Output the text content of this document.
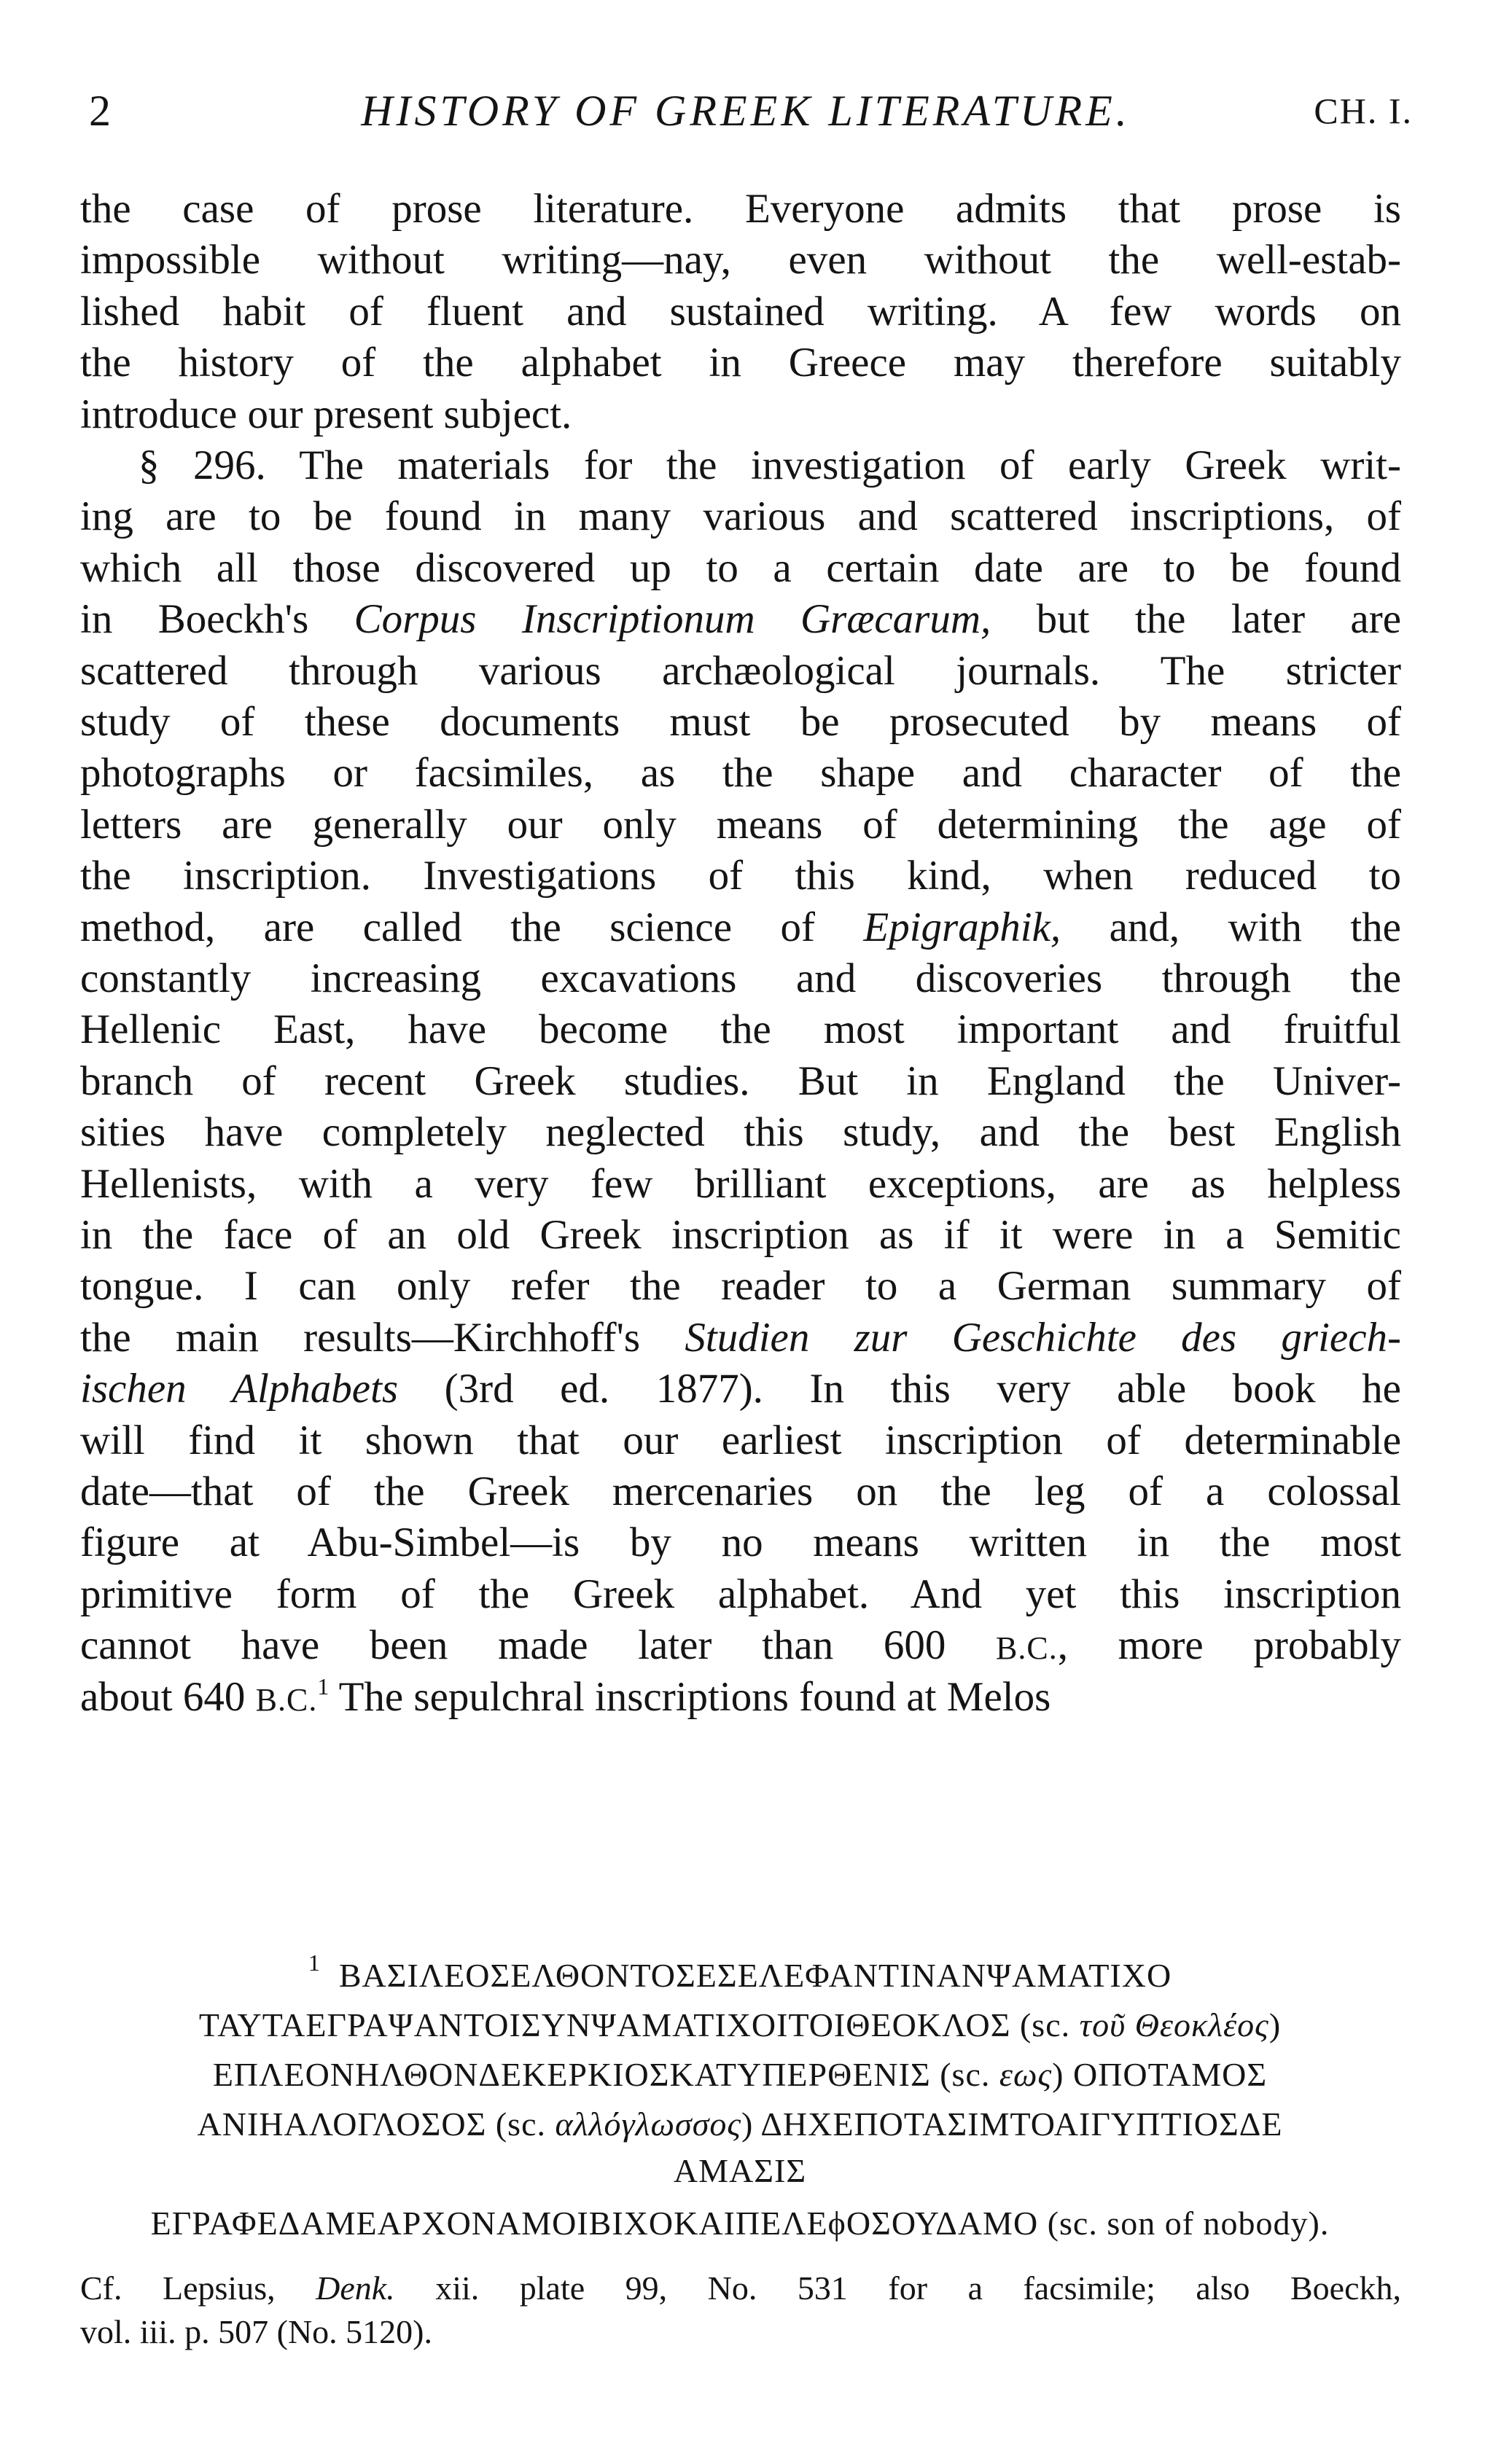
2	HISTORY OF GREEK LITERATURE.	CH. I.
the case of prose literature. Everyone admits that prose is
impossible without writing—nay, even without the well-estab-
lished habit of fluent and sustained writing. A few words on
the history of the alphabet in Greece may therefore suitably
introduce our present subject.
§ 296. The materials for the investigation of early Greek writ-
ing are to be found in many various and scattered inscriptions, of
which all those discovered up to a certain date are to be found
in Boeckh's Corpus Inscriptionum Græcarum, but the later are
scattered through various archæological journals. The stricter
study of these documents must be prosecuted by means of
photographs or facsimiles, as the shape and character of the
letters are generally our only means of determining the age of
the inscription. Investigations of this kind, when reduced to
method, are called the science of Epigraphik, and, with the
constantly increasing excavations and discoveries through the
Hellenic East, have become the most important and fruitful
branch of recent Greek studies. But in England the Univer-
sities have completely neglected this study, and the best English
Hellenists, with a very few brilliant exceptions, are as helpless
in the face of an old Greek inscription as if it were in a Semitic
tongue. I can only refer the reader to a German summary of
the main results—Kirchhoff's Studien zur Geschichte des griech-
ischen Alphabets (3rd ed. 1877). In this very able book he
will find it shown that our earliest inscription of determinable
date—that of the Greek mercenaries on the leg of a colossal
figure at Abu-Simbel—is by no means written in the most
primitive form of the Greek alphabet. And yet this inscription
cannot have been made later than 600 B.C., more probably
about 640 B.C.$^1$ The sepulchral inscriptions found at Melos
$^1$ ΒΑΣΙΛΕΟΣΕΛΘΟΝΤΟΣΕΣΕΛΕΦΑΝΤΙΝΑΝΨΑΜΑΤΙΧΟ
ΤΑΥΤΑΕΓΡΑΨΑΝΤΟΙΣΥΝΨΑΜΑΤΙΧΟΙΤΟΙΘΕΟΚΛΟΣ (sc. τοῦ Θεοκλέος)
ΕΠΛΕΟΝΗΛΘΟΝΔΕΚΕΡΚΙΟΣΚΑΤΥΠΕΡΘΕΝΙΣ (sc. εως) ΟΠΟΤΑΜΟΣ
ΑΝΙΗΑΛΟΓΛΟΣΟΣ (sc. αλλόγλωσσος) ΔΗΧΕΠΟΤΑΣΙΜΤΟΑΙΓΥΠΤΙΟΣΔΕ
ΑΜΑΣΙΣ
ΕΓΡΑΦΕΔΑΜΕΑΡΧΟΝΑΜΟΙΒΙΧΟΚΑΙΠΕΛΕϕΟΣΟΥΔΑΜΟ (sc. son of nobody).
Cf. Lepsius, Denk. xii. plate 99, No. 531 for a facsimile; also Boeckh,
vol. iii. p. 507 (No. 5120).
